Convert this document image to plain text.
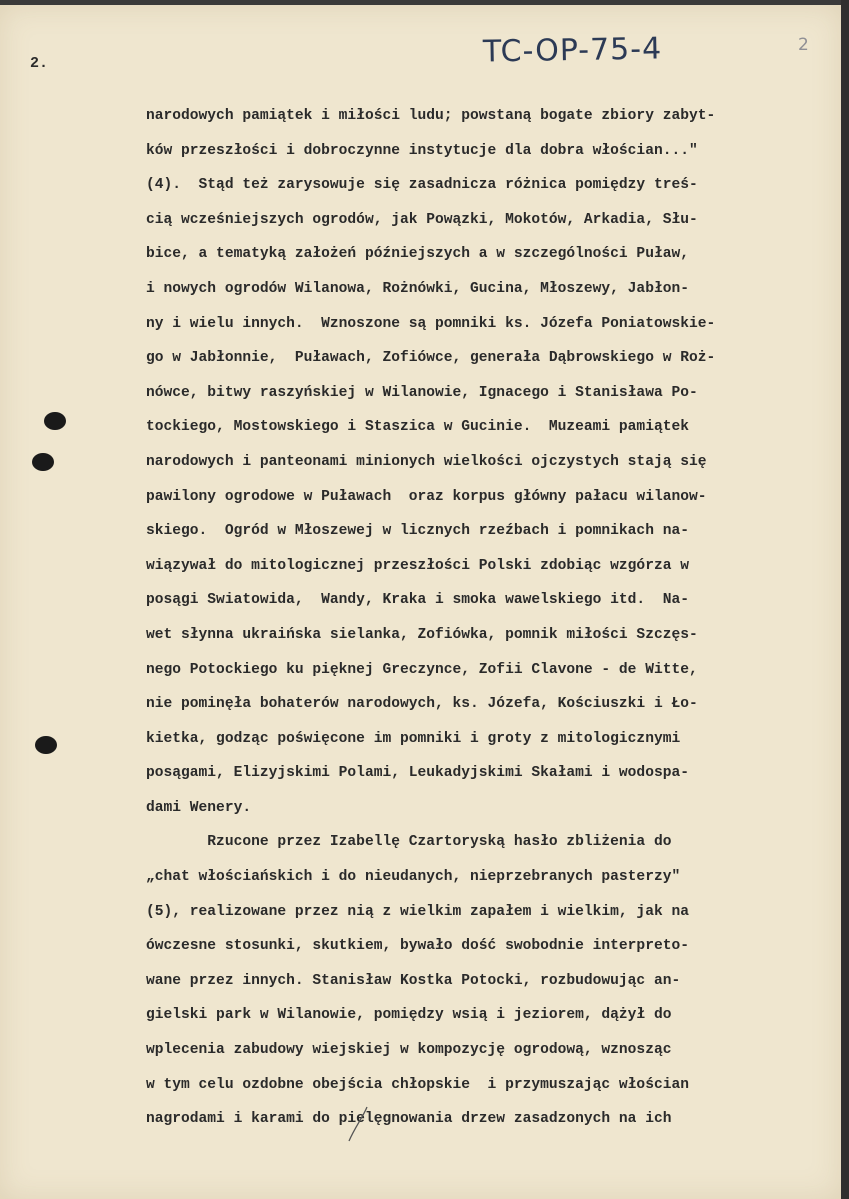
2.	TC-OP-75-4	2
narodowych pamiątek i miłości ludu; powstaną bogate zbiory zabyt-
ków przeszłości i dobroczynne instytucje dla dobra włościan..."
(4).  Stąd też zarysowuje się zasadnicza różnica pomiędzy treś-
cią wcześniejszych ogrodów, jak Powązki, Mokotów, Arkadia, Słu-
bice, a tematyką założeń późniejszych a w szczególności Puław,
i nowych ogrodów Wilanowa, Rożnówki, Gucina, Młoszewy, Jabłon-
ny i wielu innych.  Wznoszone są pomniki ks. Józefa Poniatowskie-
go w Jabłonnie,  Puławach, Zofiówce, generała Dąbrowskiego w Roż-
nówce, bitwy raszyńskiej w Wilanowie, Ignacego i Stanisława Po-
tockiego, Mostowskiego i Staszica w Gucinie.  Muzeami pamiątek
narodowych i panteonami minionych wielkości ojczystych stają się
pawilony ogrodowe w Puławach  oraz korpus główny pałacu wilanow-
skiego.  Ogród w Młoszewej w licznych rzeźbach i pomnikach na-
wiązywał do mitologicznej przeszłości Polski zdobiąc wzgórza w
posągi Swiatowida,  Wandy, Kraka i smoka wawelskiego itd.  Na-
wet słynna ukraińska sielanka, Zofiówka, pomnik miłości Szczęs-
nego Potockiego ku pięknej Greczynce, Zofii Clavone - de Witte,
nie pominęła bohaterów narodowych, ks. Józefa, Kościuszki i Ło-
kietka, godząc poświęcone im pomniki i groty z mitologicznymi
posągami, Elizyjskimi Polami, Leukadyjskimi Skałami i wodospa-
dami Wenery.
Rzucone przez Izabellę Czartoryską hasło zbliżenia do
„chat włościańskich i do nieudanych, nieprzebranych pasterzy"
(5), realizowane przez nią z wielkim zapałem i wielkim, jak na
ówczesne stosunki, skutkiem, bywało dość swobodnie interpreto-
wane przez innych. Stanisław Kostka Potocki, rozbudowując an-
gielski park w Wilanowie, pomiędzy wsią i jeziorem, dążył do
wplecenia zabudowy wiejskiej w kompozycję ogrodową, wznosząc
w tym celu ozdobne obejścia chłopskie  i przymuszając włościan
nagrodami i karami do pielęgnowania drzew zasadzonych na ich
